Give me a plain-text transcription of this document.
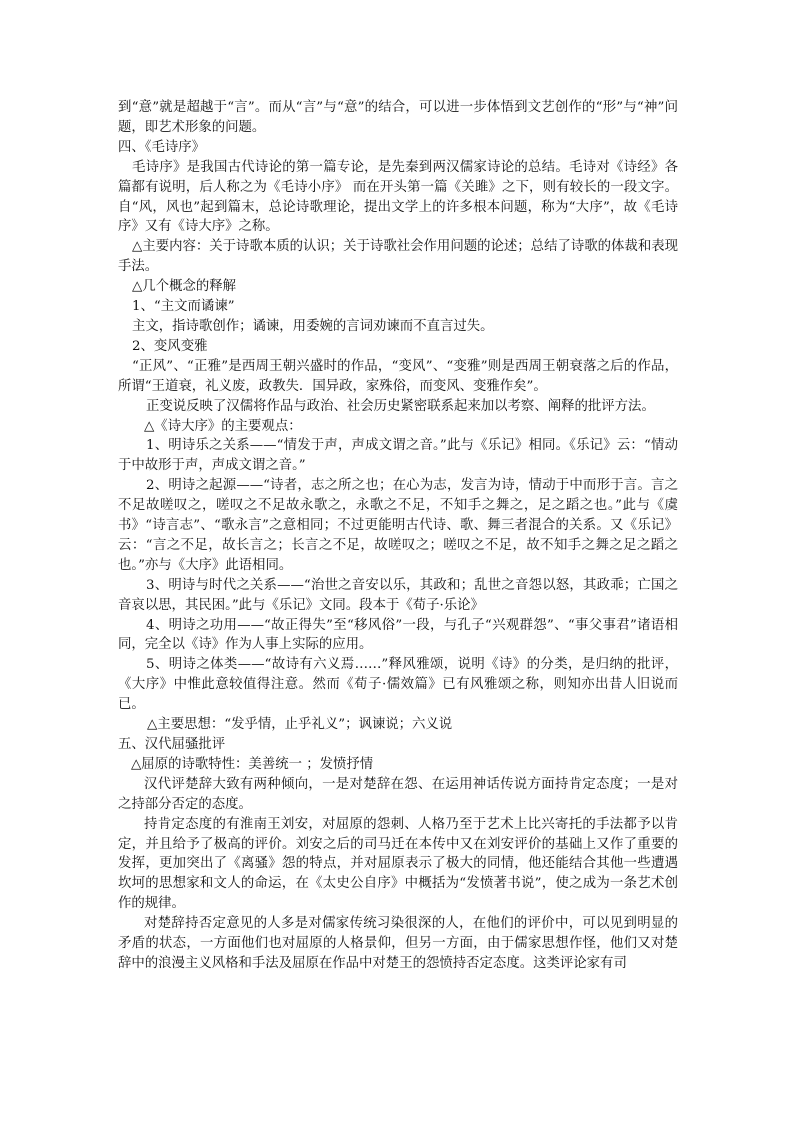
到“意”就是超越于“言”。而从“言”与“意”的结合，可以进一步体悟到文艺创作的“形”与“神”问题，即艺术形象的问题。

四、《毛诗序》

毛诗序》是我国古代诗论的第一篇专论，是先秦到两汉儒家诗论的总结。毛诗对《诗经》各篇都有说明，后人称之为《毛诗小序》 而在开头第一篇《关雎》之下，则有较长的一段文字。自“风，风也”起到篇末，总论诗歌理论，提出文学上的许多根本问题，称为“大序”，故《毛诗序》又有《诗大序》之称。

△主要内容：关于诗歌本质的认识；关于诗歌社会作用问题的论述；总结了诗歌的体裁和表现手法。

△几个概念的释解

1、“主文而谲谏”

主文，指诗歌创作；谲谏，用委婉的言词劝谏而不直言过失。

2、变风变雅

“正风”、“正雅”是西周王朝兴盛时的作品，“变风”、“变雅”则是西周王朝衰落之后的作品，所谓“王道衰，礼义废，政教失．国异政，家殊俗，而变风、变雅作矣”。

正变说反映了汉儒将作品与政治、社会历史紧密联系起来加以考察、阐释的批评方法。

△《诗大序》的主要观点：

1、明诗乐之关系——“情发于声，声成文谓之音。”此与《乐记》相同。《乐记》云：“情动于中故形于声，声成文谓之音。”

2、明诗之起源——“诗者，志之所之也；在心为志，发言为诗，情动于中而形于言。言之不足故嗟叹之，嗟叹之不足故永歌之，永歌之不足，不知手之舞之，足之蹈之也。”此与《虞书》“诗言志”、“歌永言”之意相同；不过更能明古代诗、歌、舞三者混合的关系。又《乐记》云：“言之不足，故长言之；长言之不足，故嗟叹之；嗟叹之不足，故不知手之舞之足之蹈之也。”亦与《大序》此语相同。

3、明诗与时代之关系——“治世之音安以乐，其政和；乱世之音怨以怒，其政乖；亡国之音哀以思，其民困。”此与《乐记》文同。段本于《荀子·乐论》

4、明诗之功用——“故正得失”至“移风俗”一段，与孔子“兴观群怨”、“事父事君”诸语相同，完全以《诗》作为人事上实际的应用。

5、明诗之体类——“故诗有六义焉……”释风雅颂，说明《诗》的分类，是归纳的批评，《大序》中惟此意较值得注意。然而《荀子·儒效篇》已有风雅颂之称，则知亦出昔人旧说而已。

△主要思想：“发乎情，止乎礼义”；讽谏说；六义说

五、汉代屈骚批评

△屈原的诗歌特性：美善统一 ；发愤抒情

汉代评楚辞大致有两种倾向，一是对楚辞在怨、在运用神话传说方面持肯定态度；一是对之持部分否定的态度。

持肯定态度的有淮南王刘安，对屈原的怨刺、人格乃至于艺术上比兴寄托的手法都予以肯定，并且给予了极高的评价。刘安之后的司马迁在本传中又在刘安评价的基础上又作了重要的发挥，更加突出了《离骚》怨的特点，并对屈原表示了极大的同情，他还能结合其他一些遭遇坎坷的思想家和文人的命运，在《太史公自序》中概括为“发愤著书说”，使之成为一条艺术创作的规律。

对楚辞持否定意见的人多是对儒家传统习染很深的人，在他们的评价中，可以见到明显的矛盾的状态，一方面他们也对屈原的人格景仰，但另一方面，由于儒家思想作怪，他们又对楚辞中的浪漫主义风格和手法及屈原在作品中对楚王的怨愤持否定态度。这类评论家有司
